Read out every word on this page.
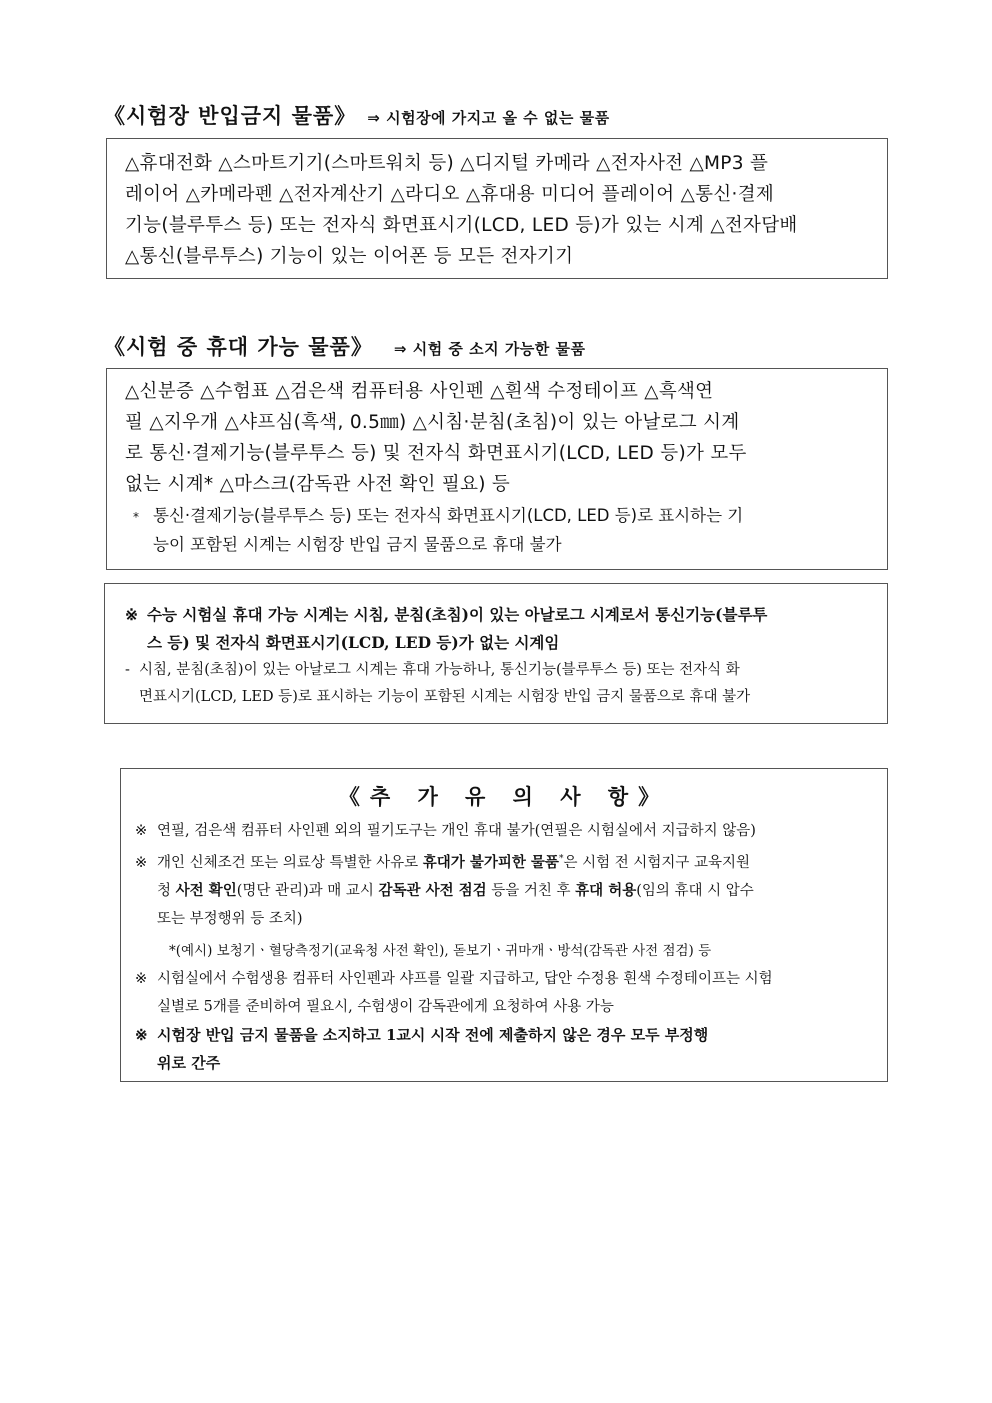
《시험장 반입금지 물품》 ⇒ 시험장에 가지고 올 수 없는 물품
△휴대전화 △스마트기기(스마트워치 등) △디지털 카메라 △전자사전 △MP3 플
레이어 △카메라펜 △전자계산기 △라디오 △휴대용 미디어 플레이어 △통신·결제
기능(블루투스 등) 또는 전자식 화면표시기(LCD, LED 등)가 있는 시계 △전자담배
△통신(블루투스) 기능이 있는 이어폰 등 모든 전자기기
《시험 중 휴대 가능 물품》 ⇒ 시험 중 소지 가능한 물품
△신분증 △수험표 △검은색 컴퓨터용 사인펜 △흰색 수정테이프 △흑색연
필 △지우개 △샤프심(흑색, 0.5㎜) △시침·분침(초침)이 있는 아날로그 시계
로 통신·결제기능(블루투스 등) 및 전자식 화면표시기(LCD, LED 등)가 모두
없는 시계* △마스크(감독관 사전 확인 필요) 등
* 통신·결제기능(블루투스 등) 또는 전자식 화면표시기(LCD, LED 등)로 표시하는 기
능이 포함된 시계는 시험장 반입 금지 물품으로 휴대 불가
※ 수능 시험실 휴대 가능 시계는 시침, 분침(초침)이 있는 아날로그 시계로서 통신기능(블루투
스 등) 및 전자식 화면표시기(LCD, LED 등)가 없는 시계임
- 시침, 분침(초침)이 있는 아날로그 시계는 휴대 가능하나, 통신기능(블루투스 등) 또는 전자식 화
면표시기(LCD, LED 등)로 표시하는 기능이 포함된 시계는 시험장 반입 금지 물품으로 휴대 불가
《추 가 유 의 사 항》
※ 연필, 검은색 컴퓨터 사인펜 외의 필기도구는 개인 휴대 불가(연필은 시험실에서 지급하지 않음)
※ 개인 신체조건 또는 의료상 특별한 사유로 휴대가 불가피한 물품*은 시험 전 시험지구 교육지원
청 사전 확인(명단 관리)과 매 교시 감독관 사전 점검 등을 거친 후 휴대 허용(임의 휴대 시 압수
또는 부정행위 등 조치)
*(예시) 보청기ㆍ혈당측정기(교육청 사전 확인), 돋보기ㆍ귀마개ㆍ방석(감독관 사전 점검) 등
※ 시험실에서 수험생용 컴퓨터 사인펜과 샤프를 일괄 지급하고, 답안 수정용 흰색 수정테이프는 시험
실별로 5개를 준비하여 필요시, 수험생이 감독관에게 요청하여 사용 가능
※ 시험장 반입 금지 물품을 소지하고 1교시 시작 전에 제출하지 않은 경우 모두 부정행
위로 간주
